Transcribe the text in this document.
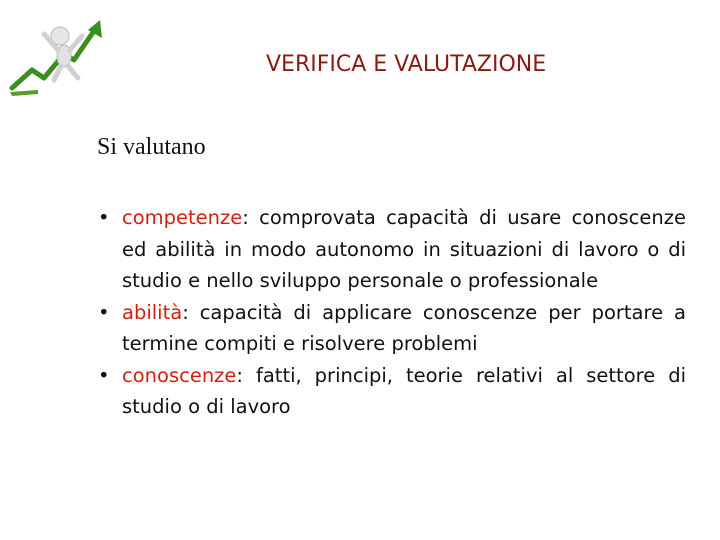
VERIFICA E VALUTAZIONE
Si valutano
• competenze: comprovata capacità di usare conoscenze ed abilità in modo autonomo in situazioni di lavoro o di studio e nello sviluppo personale o professionale
• abilità: capacità di applicare conoscenze per portare a termine compiti e risolvere problemi
• conoscenze: fatti, principi, teorie relativi al settore di studio o di lavoro
